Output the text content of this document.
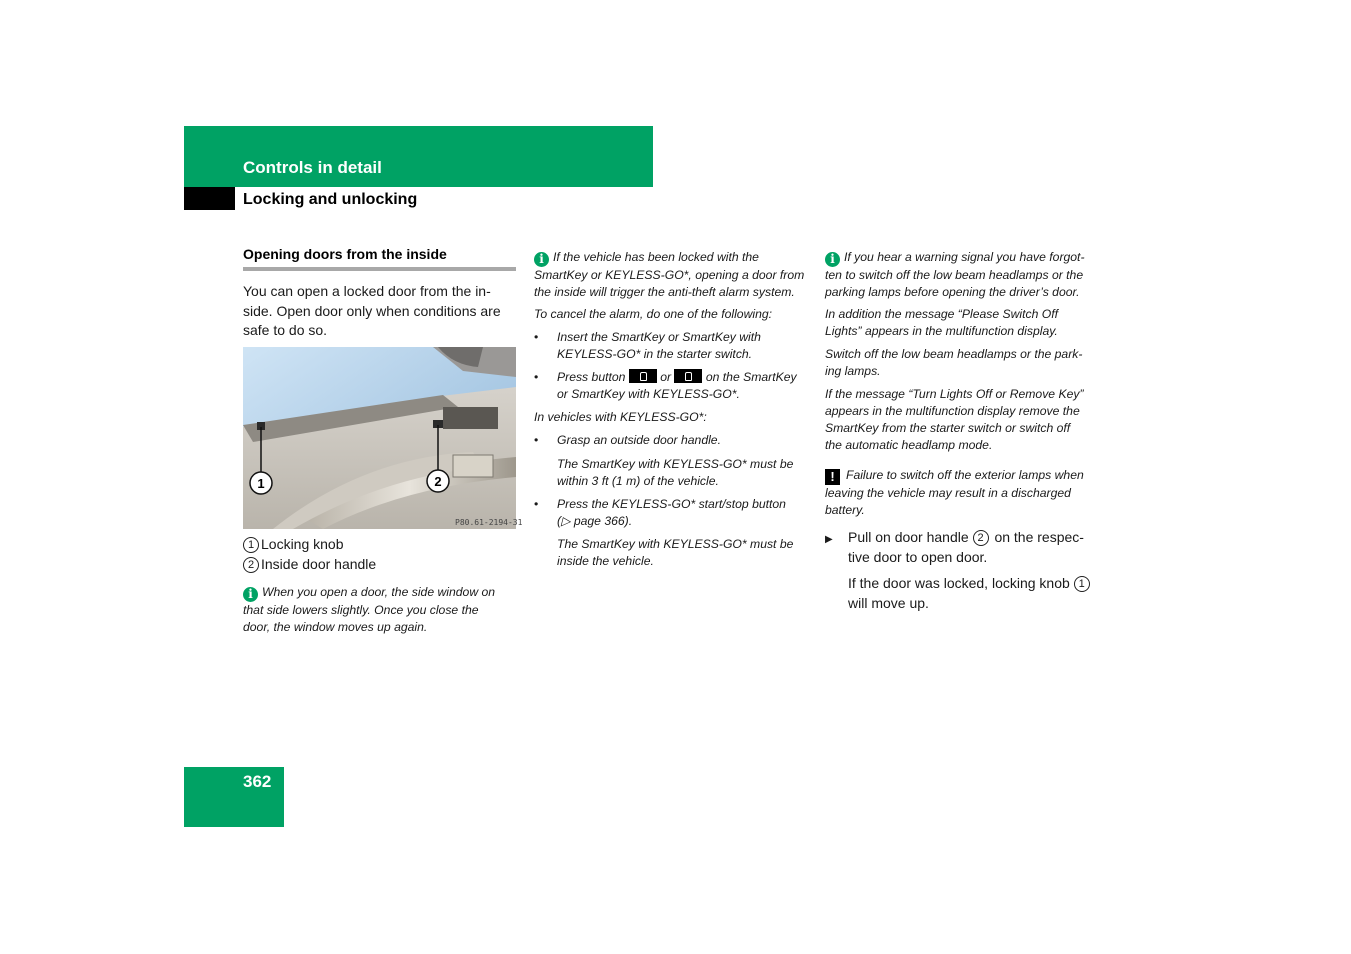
Controls in detail
Locking and unlocking
Opening doors from the inside
You can open a locked door from the in-
side. Open door only when conditions are
safe to do so.
1	2
P80.61-2194-31
1 Locking knob
2 Inside door handle
i When you open a door, the side window on
that side lowers slightly. Once you close the
door, the window moves up again.
i If the vehicle has been locked with the
SmartKey or KEYLESS-GO*, opening a door from
the inside will trigger the anti-theft alarm system.
To cancel the alarm, do one of the following:
• Insert the SmartKey or SmartKey with
KEYLESS-GO* in the starter switch.
• Press button	or	on the SmartKey
or SmartKey with KEYLESS-GO*.
In vehicles with KEYLESS-GO*:
• Grasp an outside door handle.
The SmartKey with KEYLESS-GO* must be
within 3 ft (1 m) of the vehicle.
• Press the KEYLESS-GO* start/stop button
(▷ page 366).
The SmartKey with KEYLESS-GO* must be
inside the vehicle.
i If you hear a warning signal you have forgot-
ten to switch off the low beam headlamps or the
parking lamps before opening the driver’s door.
In addition the message “Please Switch Off
Lights” appears in the multifunction display.
Switch off the low beam headlamps or the park-
ing lamps.
If the message “Turn Lights Off or Remove Key”
appears in the multifunction display remove the
SmartKey from the starter switch or switch off
the automatic headlamp mode.
! Failure to switch off the exterior lamps when
leaving the vehicle may result in a discharged
battery.
▶ Pull on door handle 2 on the respec-
tive door to open door.
If the door was locked, locking knob 1
will move up.
362
